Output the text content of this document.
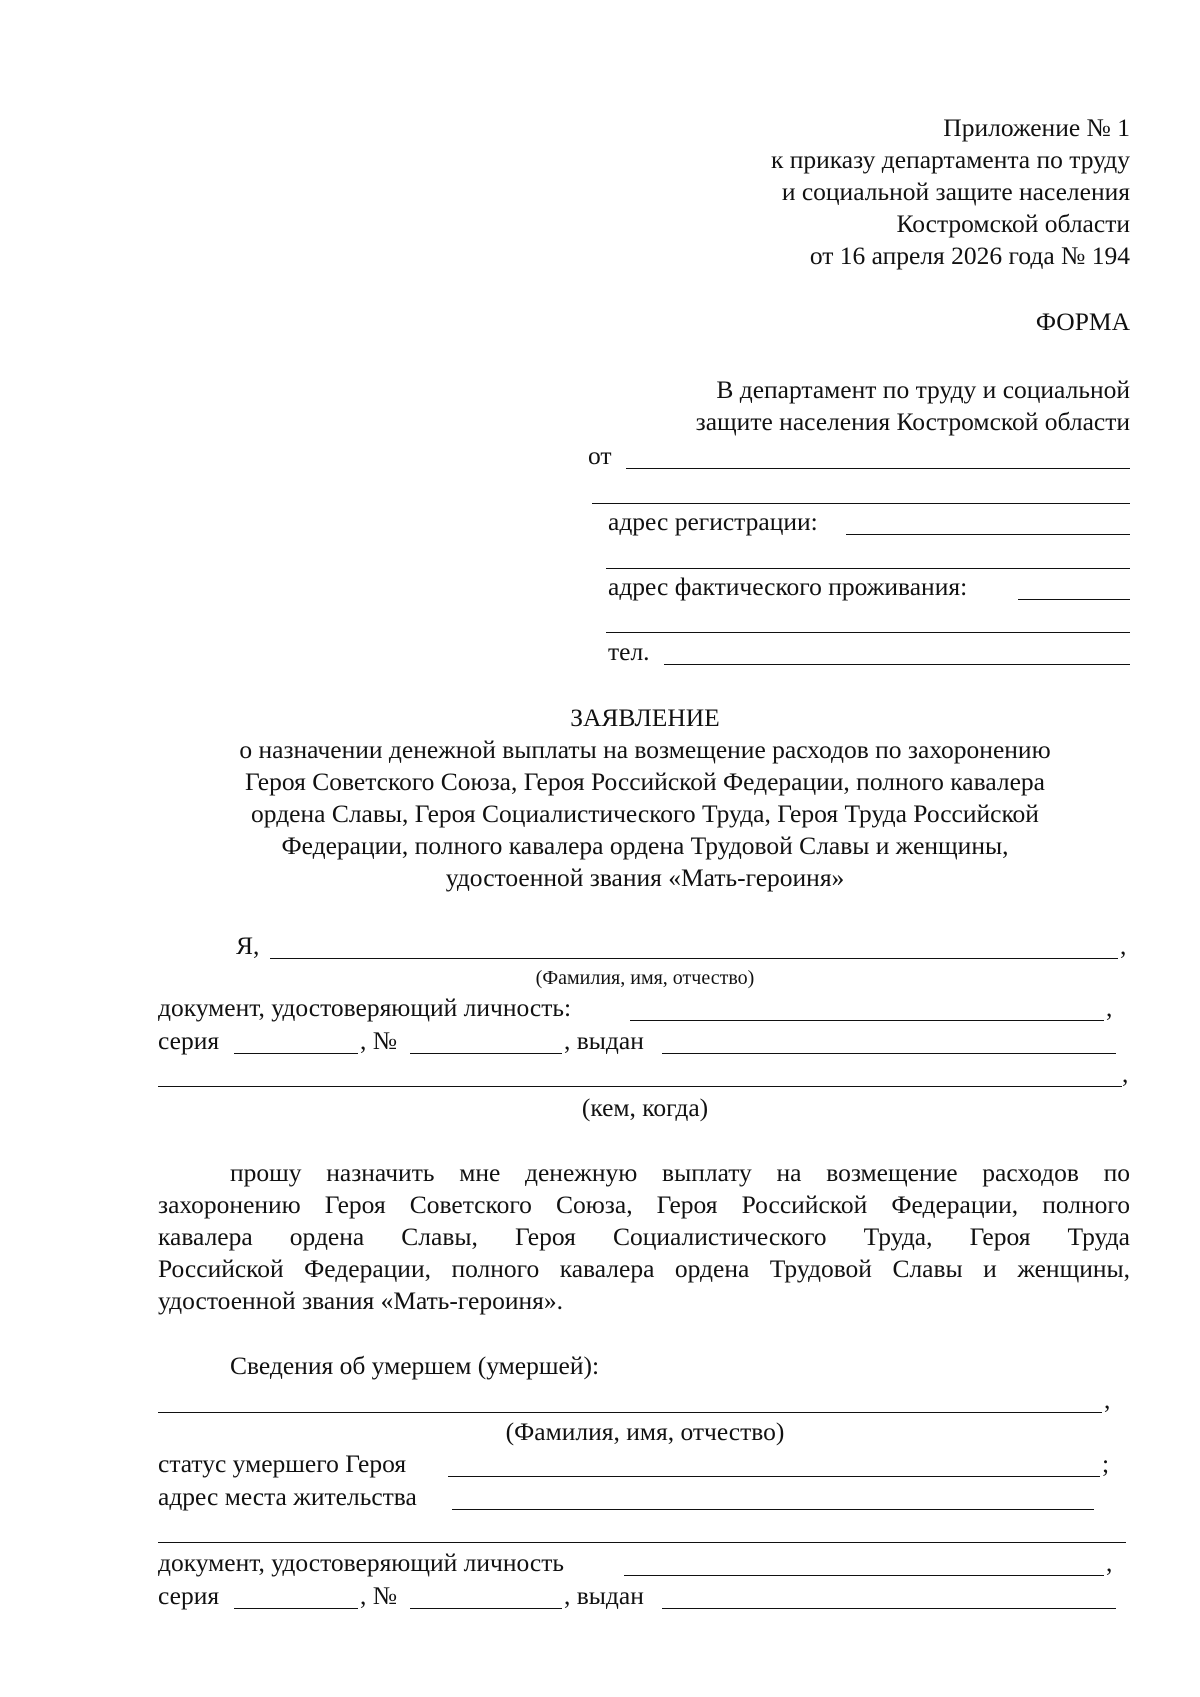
Приложение № 1
к приказу департамента по труду
и социальной защите населения
Костромской области
от 16 апреля 2026 года № 194
ФОРМА
В департамент по труду и социальной
защите населения Костромской области
от
адрес регистрации:
адрес фактического проживания:
тел.
ЗАЯВЛЕНИЕ
о назначении денежной выплаты на возмещение расходов по захоронению
Героя Советского Союза, Героя Российской Федерации, полного кавалера
ордена Славы, Героя Социалистического Труда, Героя Труда Российской
Федерации, полного кавалера ордена Трудовой Славы и женщины,
удостоенной звания «Мать-героиня»
Я,	,
(Фамилия, имя, отчество)
документ, удостоверяющий личность:	,
серия	, №	, выдан
,
(кем, когда)
прошу назначить мне денежную выплату на возмещение расходов по
захоронению Героя Советского Союза, Героя Российской Федерации, полного
кавалера ордена Славы, Героя Социалистического Труда, Героя Труда
Российской Федерации, полного кавалера ордена Трудовой Славы и женщины,
удостоенной звания «Мать-героиня».
Сведения об умершем (умершей):
,
(Фамилия, имя, отчество)
статус умершего Героя	;
адрес места жительства
документ, удостоверяющий личность	,
серия	, №	, выдан
